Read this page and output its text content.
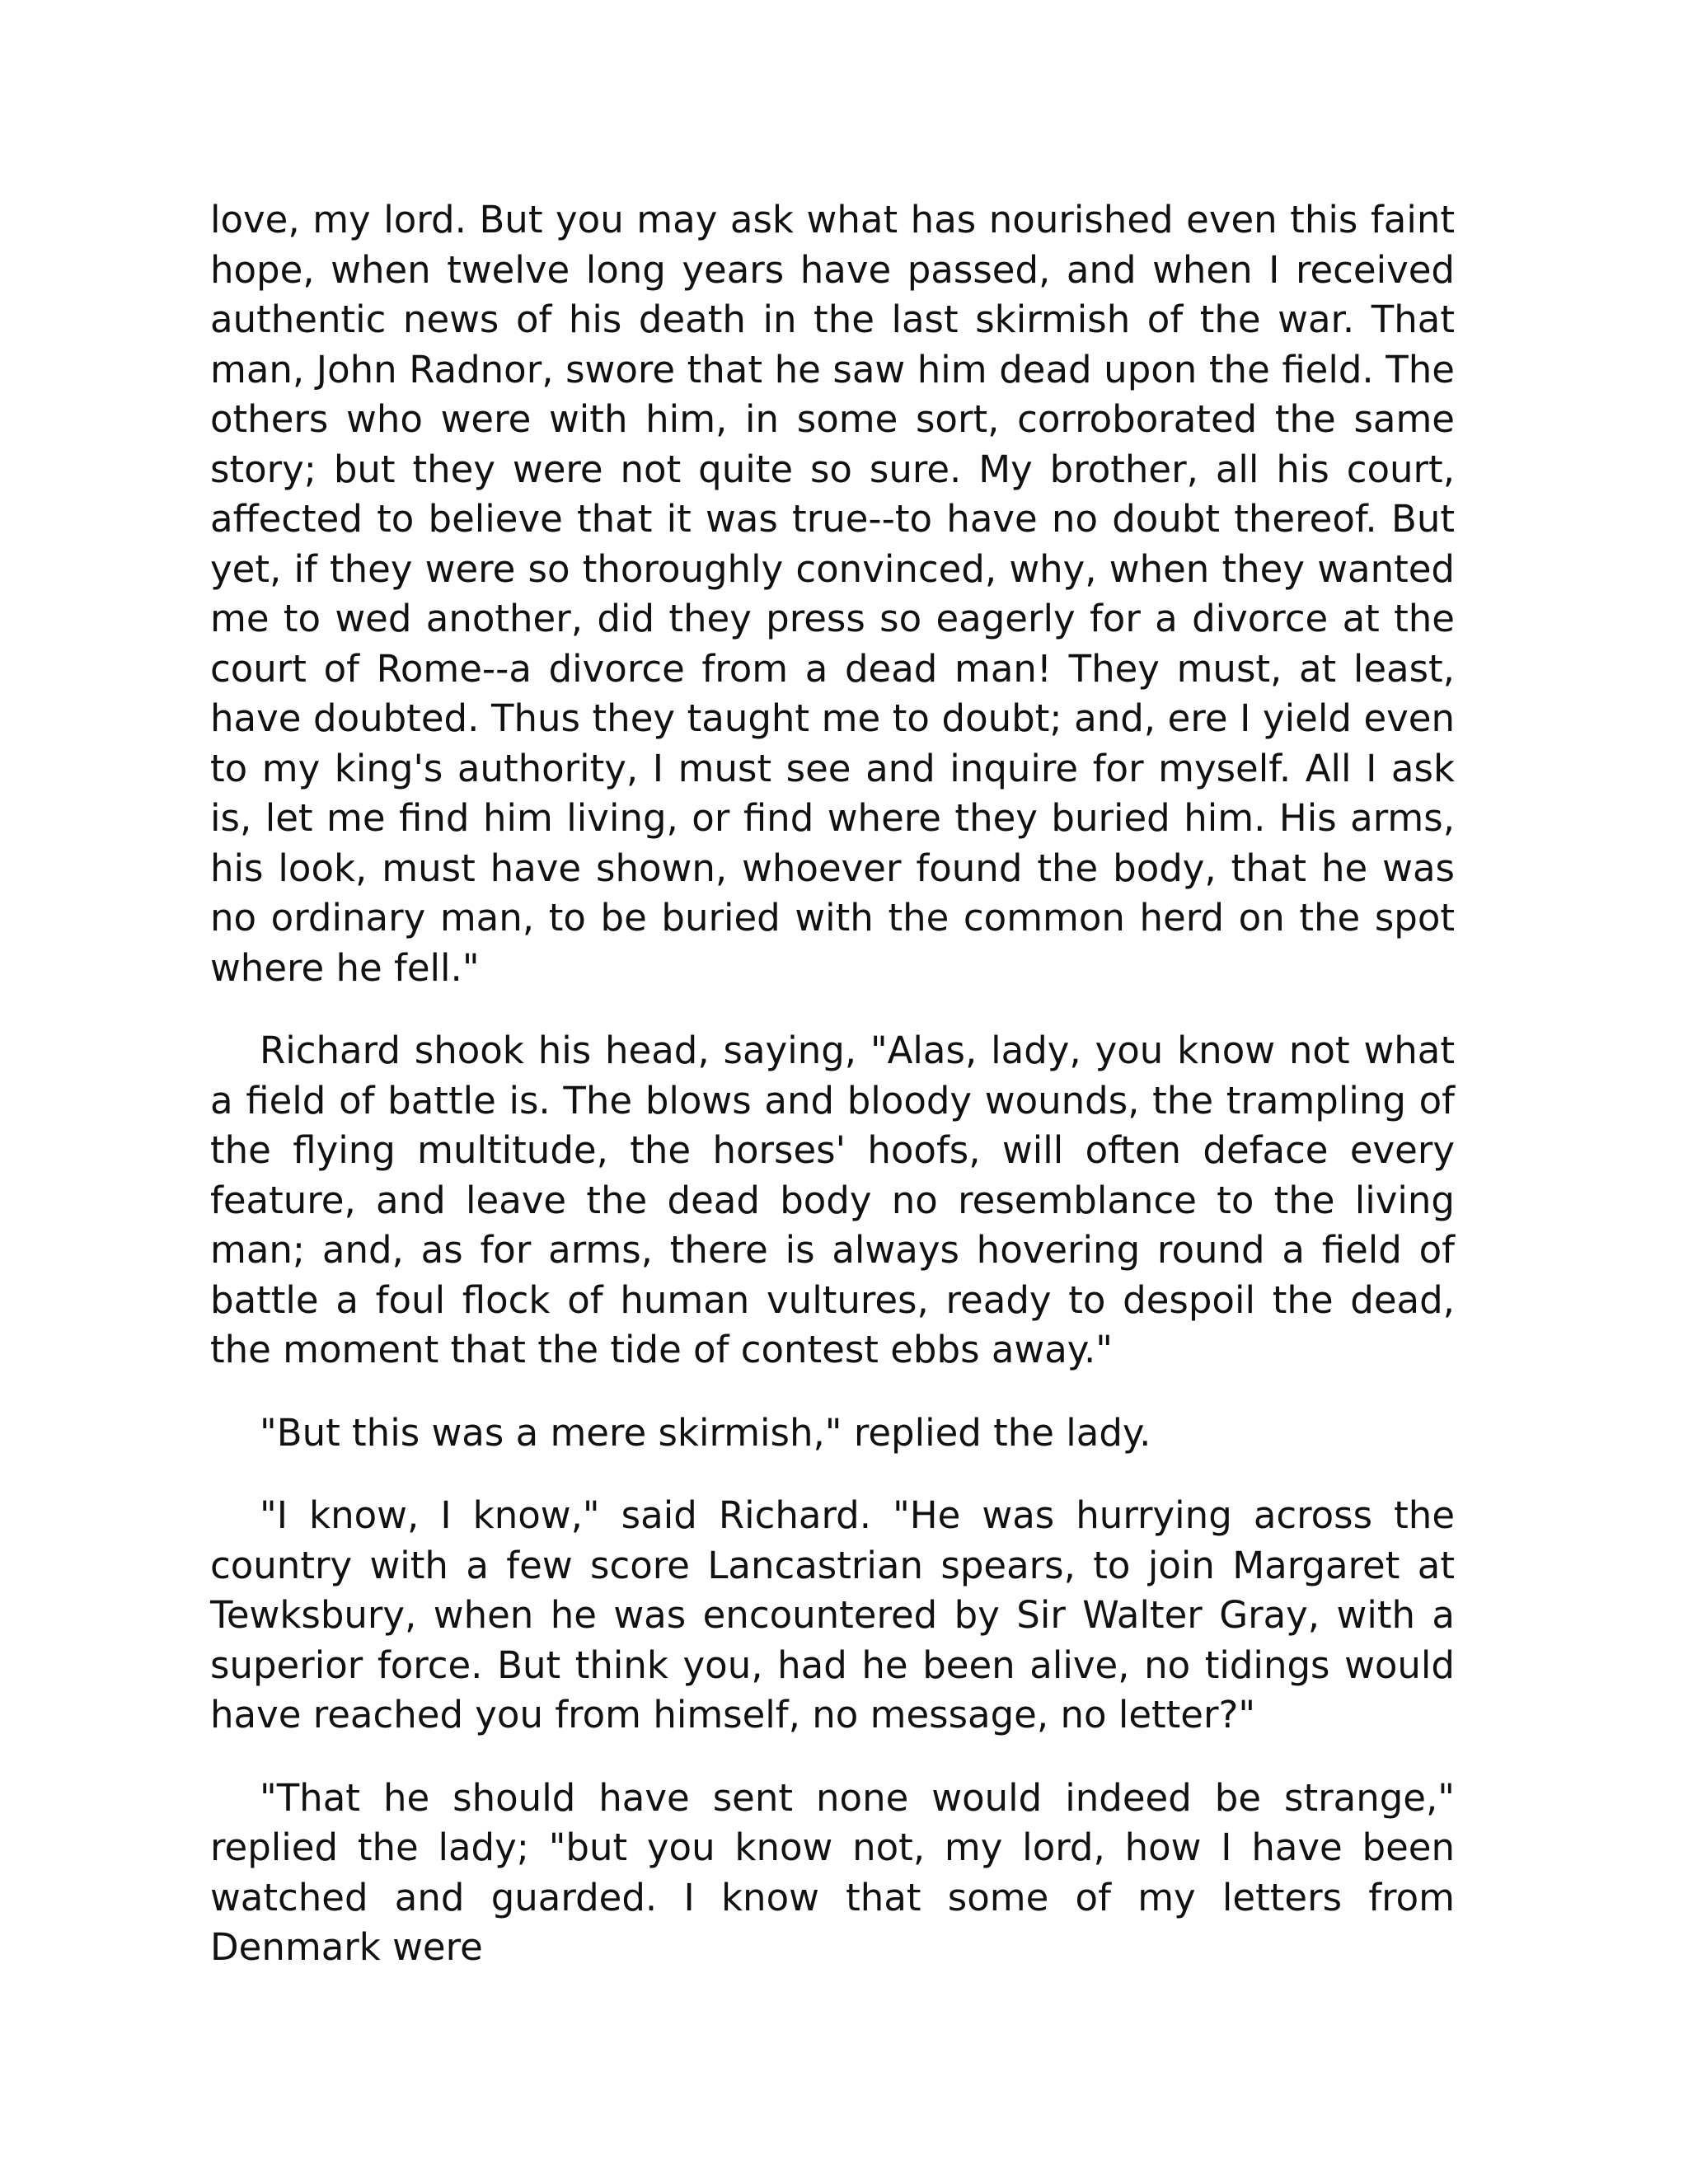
love, my lord. But you may ask what has nourished even this faint hope, when twelve long years have passed, and when I received authentic news of his death in the last skirmish of the war. That man, John Radnor, swore that he saw him dead upon the field. The others who were with him, in some sort, corroborated the same story; but they were not quite so sure. My brother, all his court, affected to believe that it was true--to have no doubt thereof. But yet, if they were so thoroughly convinced, why, when they wanted me to wed another, did they press so eagerly for a divorce at the court of Rome--a divorce from a dead man! They must, at least, have doubted. Thus they taught me to doubt; and, ere I yield even to my king's authority, I must see and inquire for myself. All I ask is, let me find him living, or find where they buried him. His arms, his look, must have shown, whoever found the body, that he was no ordinary man, to be buried with the common herd on the spot where he fell."

Richard shook his head, saying, "Alas, lady, you know not what a field of battle is. The blows and bloody wounds, the trampling of the flying multitude, the horses' hoofs, will often deface every feature, and leave the dead body no resemblance to the living man; and, as for arms, there is always hovering round a field of battle a foul flock of human vultures, ready to despoil the dead, the moment that the tide of contest ebbs away."

"But this was a mere skirmish," replied the lady.

"I know, I know," said Richard. "He was hurrying across the country with a few score Lancastrian spears, to join Margaret at Tewksbury, when he was encountered by Sir Walter Gray, with a superior force. But think you, had he been alive, no tidings would have reached you from himself, no message, no letter?"

"That he should have sent none would indeed be strange," replied the lady; "but you know not, my lord, how I have been watched and guarded. I know that some of my letters from Denmark were
